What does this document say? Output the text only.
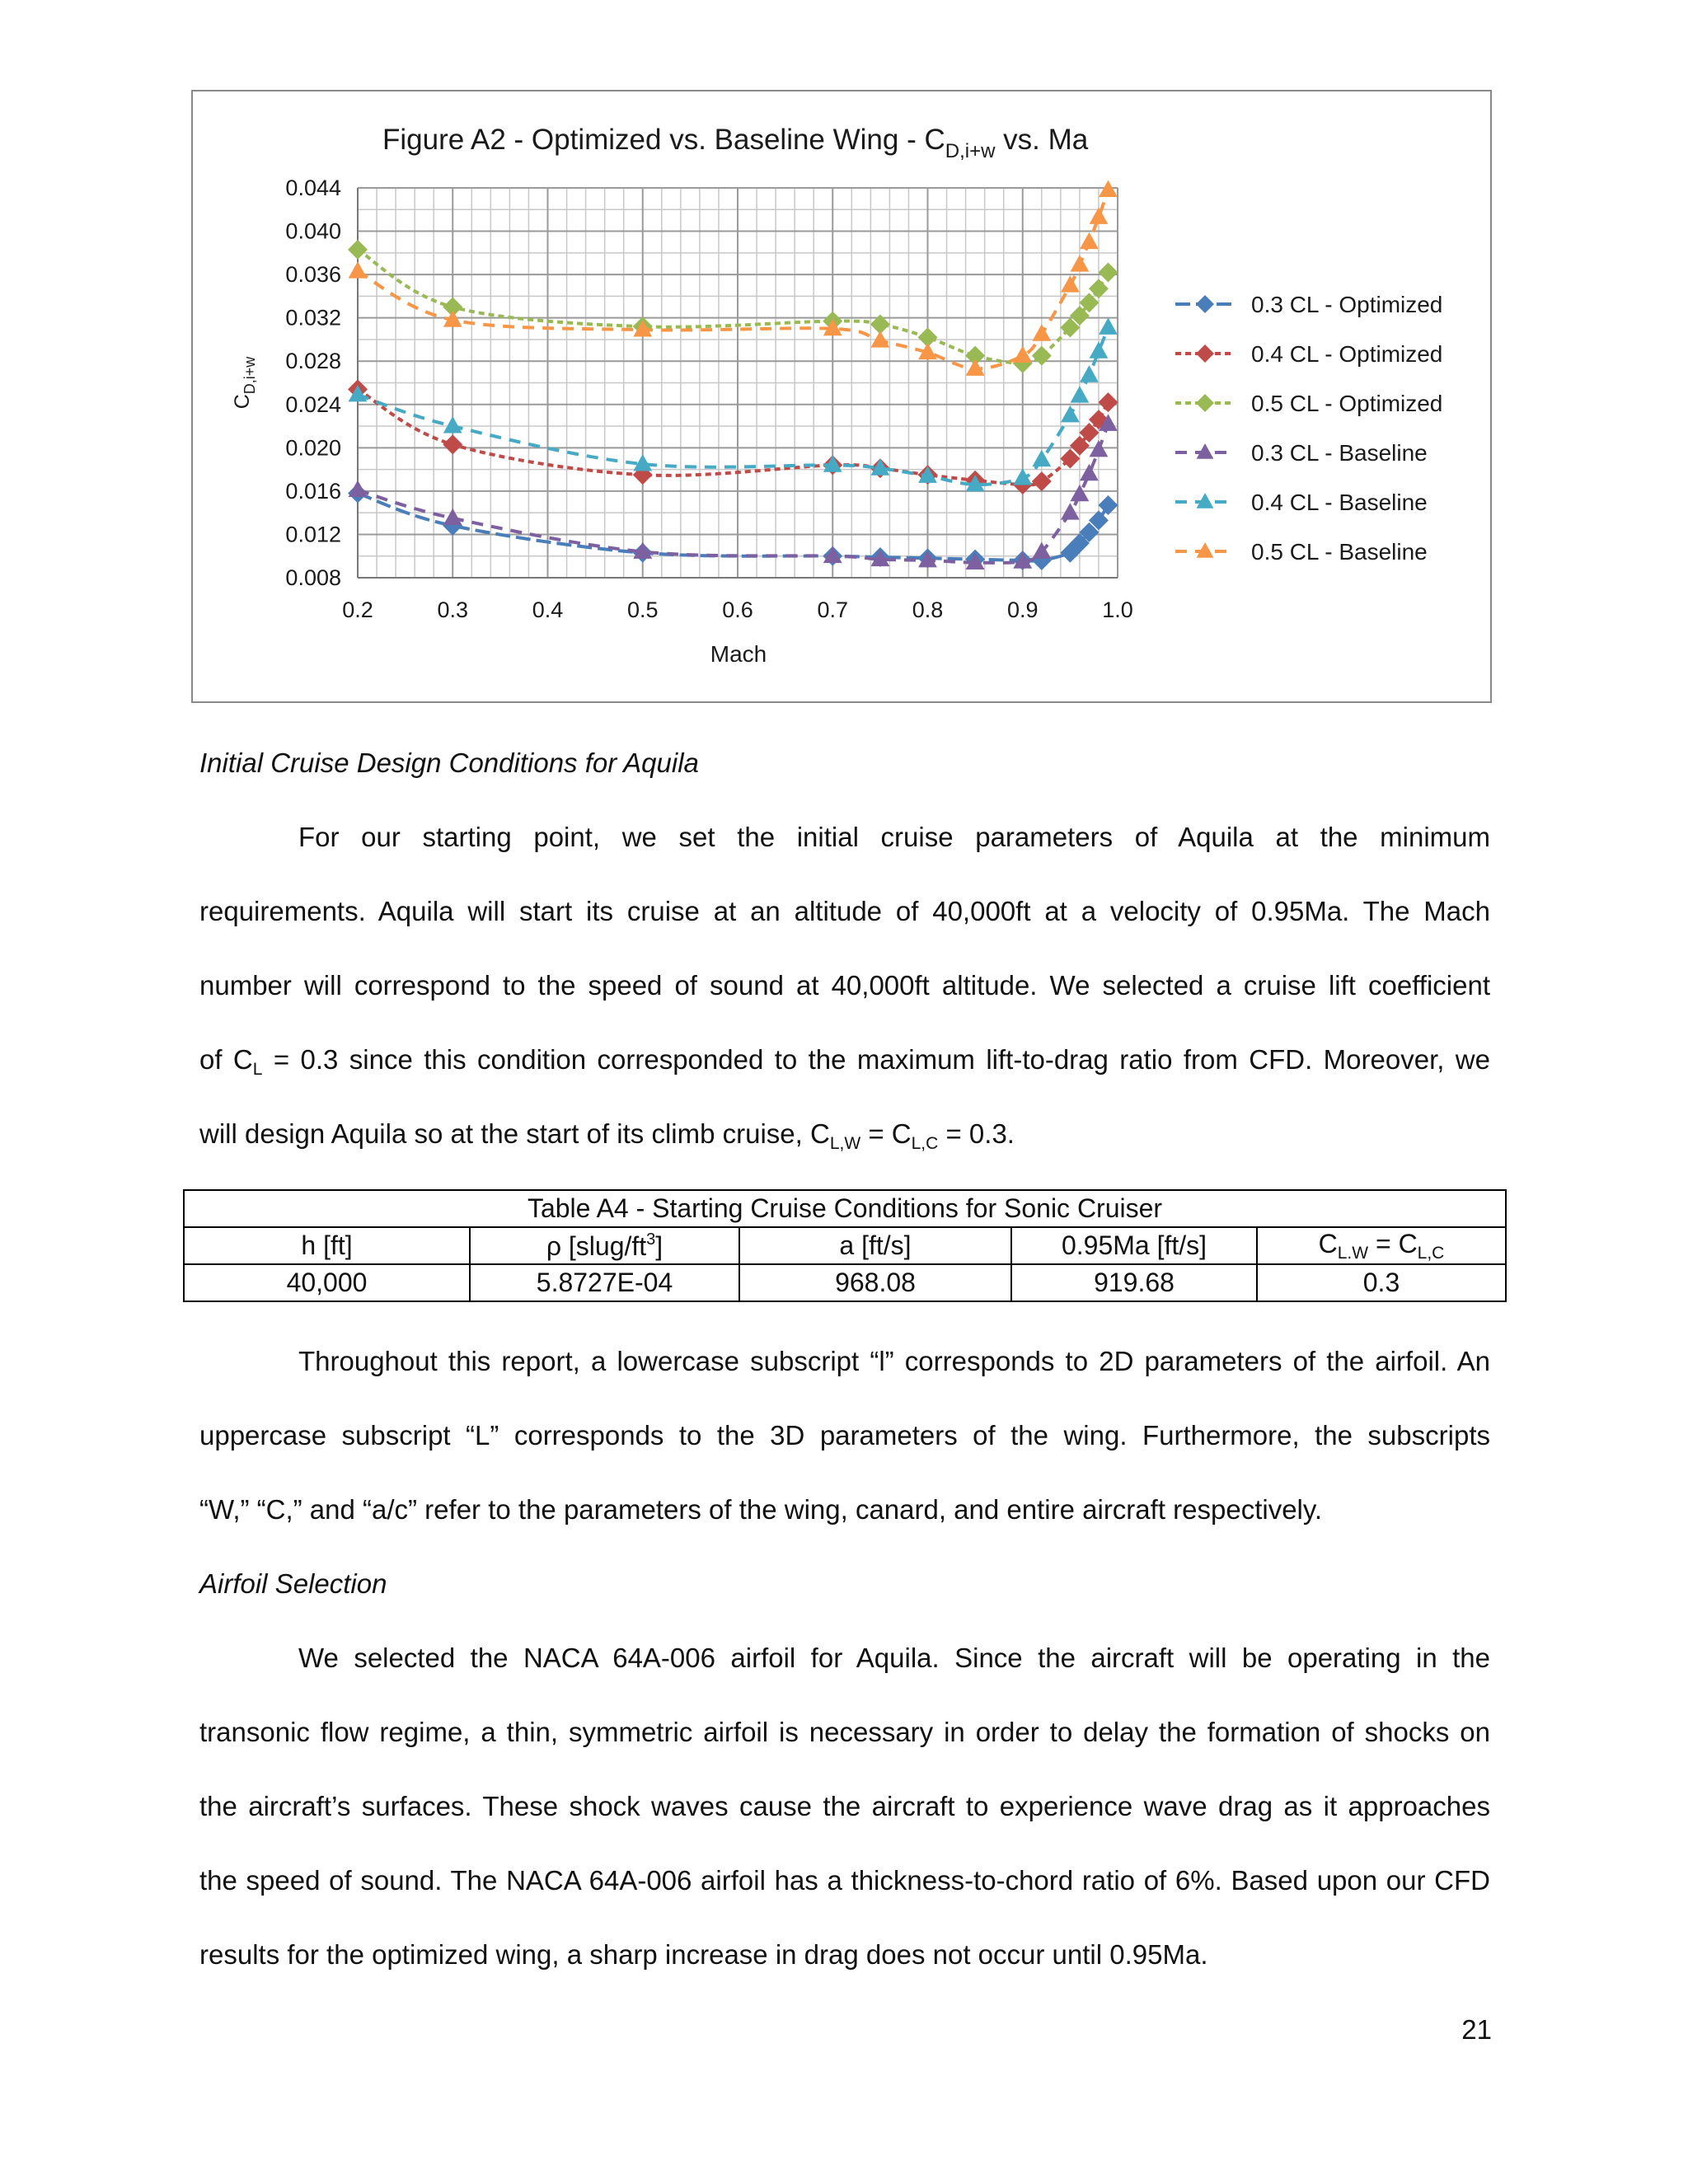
0.2	0.3	0.4	0.5	0.6	0.7	0.8	0.9	1.0
0.044
0.040
0.036
0.032
0.028
0.024
0.020
0.016
0.012
0.008
0.3 CL - Optimized
0.4 CL - Optimized
0.5 CL - Optimized
0.3 CL - Baseline
0.4 CL - Baseline
0.5 CL - Baseline
Figure A2 - Optimized vs. Baseline Wing - $C_{D,i+w}$ vs. Ma
$C_{D,i+w}$
Mach
Initial Cruise Design Conditions for Aquila
For our starting point, we set the initial cruise parameters of Aquila at the minimum
requirements. Aquila will start its cruise at an altitude of 40,000ft at a velocity of 0.95Ma. The Mach
number will correspond to the speed of sound at 40,000ft altitude. We selected a cruise lift coefficient
of $C_L = 0.3$ since this condition corresponded to the maximum lift-to-drag ratio from CFD. Moreover, we
will design Aquila so at the start of its climb cruise, $C_{L,W} = C_{L,C} = 0.3$.
Table A4 - Starting Cruise Conditions for Sonic Cruiser				
h [ft]	ρ $[slug/ft^3]$	a [ft/s]	0.95Ma [ft/s]	$C_{L.W} = C_{L,C}$
40,000	5.8727E-04	968.08	919.68	0.3
Throughout this report, a lowercase subscript “l” corresponds to 2D parameters of the airfoil. An
uppercase subscript “L” corresponds to the 3D parameters of the wing. Furthermore, the subscripts
“W,” “C,” and “a/c” refer to the parameters of the wing, canard, and entire aircraft respectively.
Airfoil Selection
We selected the NACA 64A-006 airfoil for Aquila. Since the aircraft will be operating in the
transonic flow regime, a thin, symmetric airfoil is necessary in order to delay the formation of shocks on
the aircraft’s surfaces. These shock waves cause the aircraft to experience wave drag as it approaches
the speed of sound. The NACA 64A-006 airfoil has a thickness-to-chord ratio of 6%. Based upon our CFD
results for the optimized wing, a sharp increase in drag does not occur until 0.95Ma.
21
